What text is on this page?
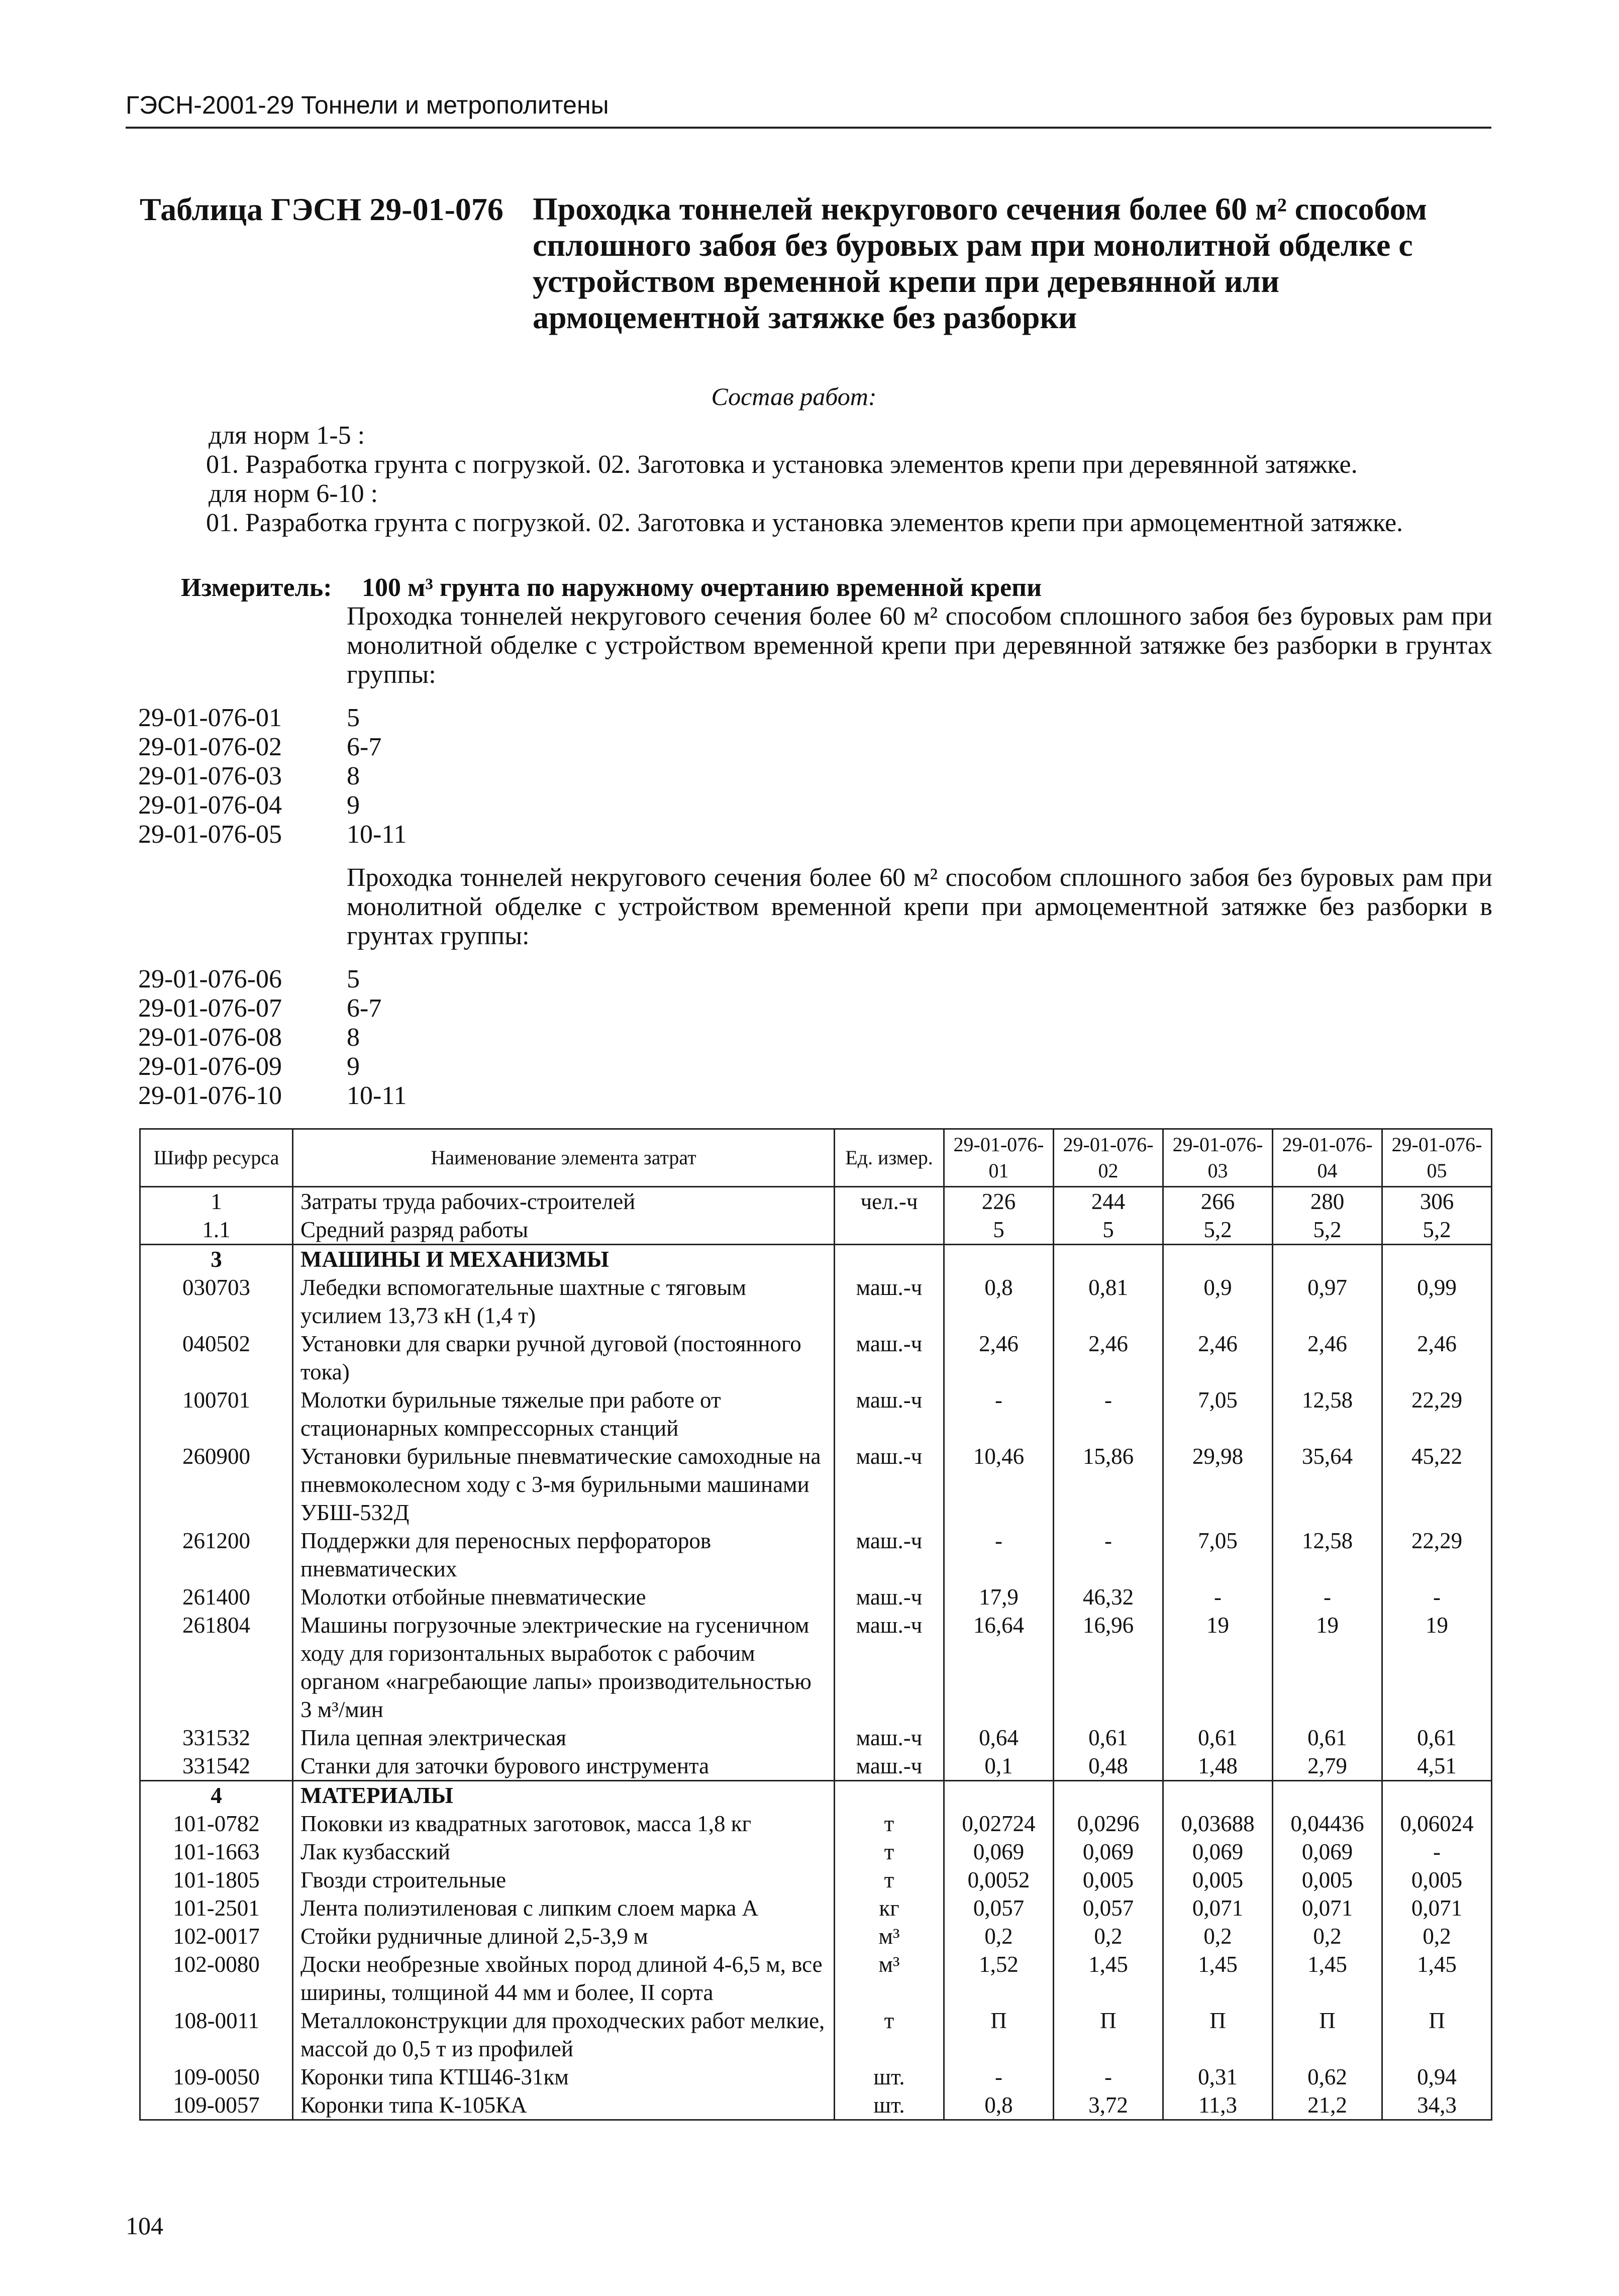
ГЭСН-2001-29 Тоннели и метрополитены
Таблица ГЭСН 29-01-076 Проходка тоннелей некругового сечения более 60 м² способом сплошного забоя без буровых рам при монолитной обделке с устройством временной крепи при деревянной или армоцементной затяжке без разборки
Состав работ:
для норм 1-5 :
01. Разработка грунта с погрузкой. 02. Заготовка и установка элементов крепи при деревянной затяжке.
для норм 6-10 :
01. Разработка грунта с погрузкой. 02. Заготовка и установка элементов крепи при армоцементной затяжке.
Измеритель: 100 м³ грунта по наружному очертанию временной крепи
Проходка тоннелей некругового сечения более 60 м² способом сплошного забоя без буровых рам при монолитной обделке с устройством временной крепи при деревянной затяжке без разборки в грунтах группы:
29-01-076-01	5
29-01-076-02	6-7
29-01-076-03	8
29-01-076-04	9
29-01-076-05	10-11
Проходка тоннелей некругового сечения более 60 м² способом сплошного забоя без буровых рам при монолитной обделке с устройством временной крепи при армоцементной затяжке без разборки в грунтах группы:
29-01-076-06	5
29-01-076-07	6-7
29-01-076-08	8
29-01-076-09	9
29-01-076-10	10-11
Шифр ресурса	Наименование элемента затрат	Ед. измер.	29-01-076-01	29-01-076-02	29-01-076-03	29-01-076-04	29-01-076-05
1	Затраты труда рабочих-строителей	чел.-ч	226	244	266	280	306
1.1	Средний разряд работы		5	5	5,2	5,2	5,2
3	МАШИНЫ И МЕХАНИЗМЫ						
030703	Лебедки вспомогательные шахтные с тяговым усилием 13,73 кН (1,4 т)	маш.-ч	0,8	0,81	0,9	0,97	0,99
040502	Установки для сварки ручной дуговой (постоянного тока)	маш.-ч	2,46	2,46	2,46	2,46	2,46
100701	Молотки бурильные тяжелые при работе от стационарных компрессорных станций	маш.-ч	-	-	7,05	12,58	22,29
260900	Установки бурильные пневматические самоходные на пневмоколесном ходу с 3-мя бурильными машинами УБШ-532Д	маш.-ч	10,46	15,86	29,98	35,64	45,22
261200	Поддержки для переносных перфораторов пневматических	маш.-ч	-	-	7,05	12,58	22,29
261400	Молотки отбойные пневматические	маш.-ч	17,9	46,32	-	-	-
261804	Машины погрузочные электрические на гусеничном ходу для горизонтальных выработок с рабочим органом «нагребающие лапы» производительностью 3 м³/мин	маш.-ч	16,64	16,96	19	19	19
331532	Пила цепная электрическая	маш.-ч	0,64	0,61	0,61	0,61	0,61
331542	Станки для заточки бурового инструмента	маш.-ч	0,1	0,48	1,48	2,79	4,51
4	МАТЕРИАЛЫ						
101-0782	Поковки из квадратных заготовок, масса 1,8 кг	т	0,02724	0,0296	0,03688	0,04436	0,06024
101-1663	Лак кузбасский	т	0,069	0,069	0,069	0,069	-
101-1805	Гвозди строительные	т	0,0052	0,005	0,005	0,005	0,005
101-2501	Лента полиэтиленовая с липким слоем марка А	кг	0,057	0,057	0,071	0,071	0,071
102-0017	Стойки рудничные длиной 2,5-3,9 м	м³	0,2	0,2	0,2	0,2	0,2
102-0080	Доски необрезные хвойных пород длиной 4-6,5 м, все ширины, толщиной 44 мм и более, II сорта	м³	1,52	1,45	1,45	1,45	1,45
108-0011	Металлоконструкции для проходческих работ мелкие, массой до 0,5 т из профилей	т	П	П	П	П	П
109-0050	Коронки типа КТШ46-31км	шт.	-	-	0,31	0,62	0,94
109-0057	Коронки типа К-105КА	шт.	0,8	3,72	11,3	21,2	34,3
104
